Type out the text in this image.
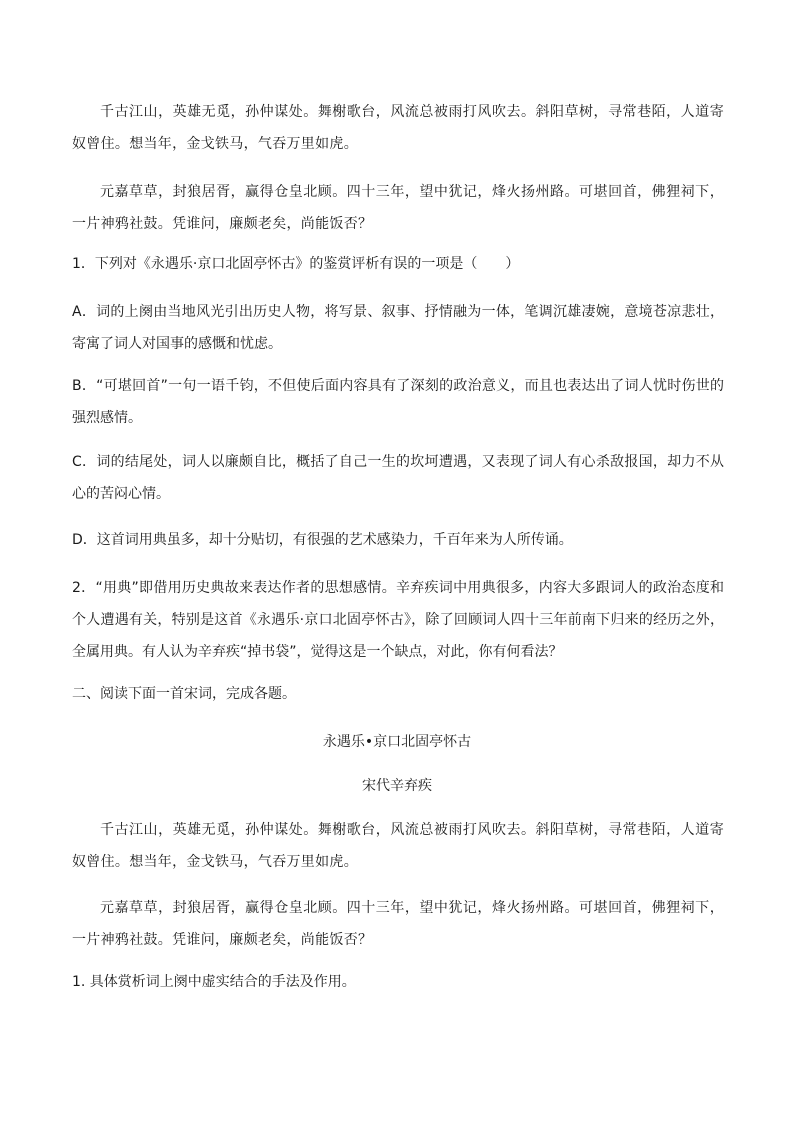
千古江山，英雄无觅，孙仲谋处。舞榭歌台，风流总被雨打风吹去。斜阳草树，寻常巷陌，人道寄奴曾住。想当年，金戈铁马，气吞万里如虎。

元嘉草草，封狼居胥，赢得仓皇北顾。四十三年，望中犹记，烽火扬州路。可堪回首，佛狸祠下，一片神鸦社鼓。凭谁问，廉颇老矣，尚能饭否？

1．下列对《永遇乐·京口北固亭怀古》的鉴赏评析有误的一项是（　　）

A．词的上阕由当地风光引出历史人物，将写景、叙事、抒情融为一体，笔调沉雄凄婉，意境苍凉悲壮，寄寓了词人对国事的感慨和忧虑。

B．“可堪回首”一句一语千钧，不但使后面内容具有了深刻的政治意义，而且也表达出了词人忧时伤世的强烈感情。

C．词的结尾处，词人以廉颇自比，概括了自己一生的坎坷遭遇，又表现了词人有心杀敌报国，却力不从心的苦闷心情。

D．这首词用典虽多，却十分贴切，有很强的艺术感染力，千百年来为人所传诵。

2．“用典”即借用历史典故来表达作者的思想感情。辛弃疾词中用典很多，内容大多跟词人的政治态度和个人遭遇有关，特别是这首《永遇乐·京口北固亭怀古》，除了回顾词人四十三年前南下归来的经历之外，全属用典。有人认为辛弃疾“掉书袋”，觉得这是一个缺点，对此，你有何看法？

二、阅读下面一首宋词，完成各题。

永遇乐•京口北固亭怀古

宋代辛弃疾

千古江山，英雄无觅，孙仲谋处。舞榭歌台，风流总被雨打风吹去。斜阳草树，寻常巷陌，人道寄奴曾住。想当年，金戈铁马，气吞万里如虎。

元嘉草草，封狼居胥，赢得仓皇北顾。四十三年，望中犹记，烽火扬州路。可堪回首，佛狸祠下，一片神鸦社鼓。凭谁问，廉颇老矣，尚能饭否？

1. 具体赏析词上阕中虚实结合的手法及作用。
